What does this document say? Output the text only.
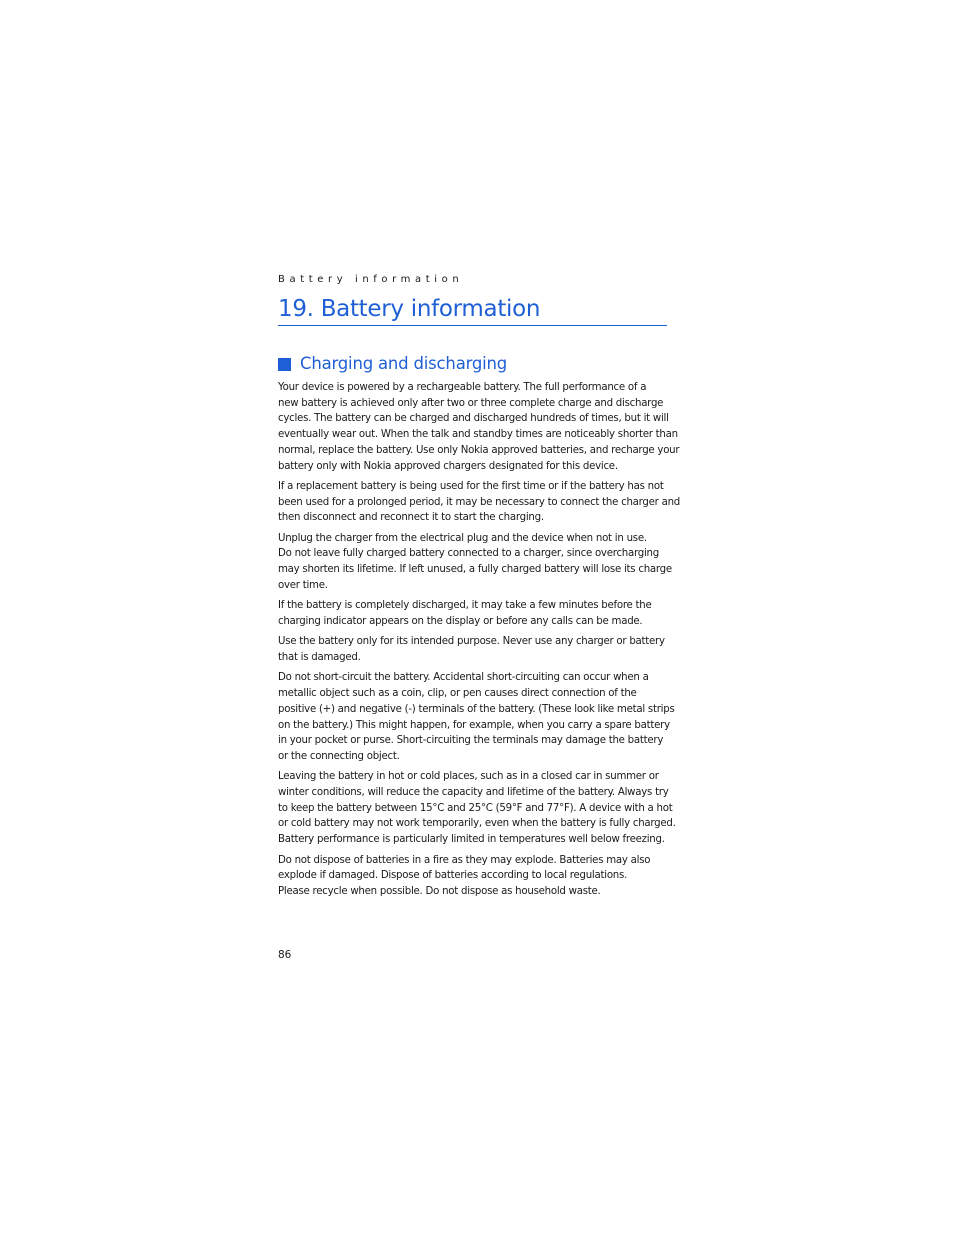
Battery information
19. Battery information
Charging and discharging

Your device is powered by a rechargeable battery. The full performance of a
new battery is achieved only after two or three complete charge and discharge
cycles. The battery can be charged and discharged hundreds of times, but it will
eventually wear out. When the talk and standby times are noticeably shorter than
normal, replace the battery. Use only Nokia approved batteries, and recharge your
battery only with Nokia approved chargers designated for this device.

If a replacement battery is being used for the first time or if the battery has not
been used for a prolonged period, it may be necessary to connect the charger and
then disconnect and reconnect it to start the charging.

Unplug the charger from the electrical plug and the device when not in use.
Do not leave fully charged battery connected to a charger, since overcharging
may shorten its lifetime. If left unused, a fully charged battery will lose its charge
over time.

If the battery is completely discharged, it may take a few minutes before the
charging indicator appears on the display or before any calls can be made.

Use the battery only for its intended purpose. Never use any charger or battery
that is damaged.

Do not short-circuit the battery. Accidental short-circuiting can occur when a
metallic object such as a coin, clip, or pen causes direct connection of the
positive (+) and negative (-) terminals of the battery. (These look like metal strips
on the battery.) This might happen, for example, when you carry a spare battery
in your pocket or purse. Short-circuiting the terminals may damage the battery
or the connecting object.

Leaving the battery in hot or cold places, such as in a closed car in summer or
winter conditions, will reduce the capacity and lifetime of the battery. Always try
to keep the battery between 15°C and 25°C (59°F and 77°F). A device with a hot
or cold battery may not work temporarily, even when the battery is fully charged.
Battery performance is particularly limited in temperatures well below freezing.

Do not dispose of batteries in a fire as they may explode. Batteries may also
explode if damaged. Dispose of batteries according to local regulations.
Please recycle when possible. Do not dispose as household waste.

86
